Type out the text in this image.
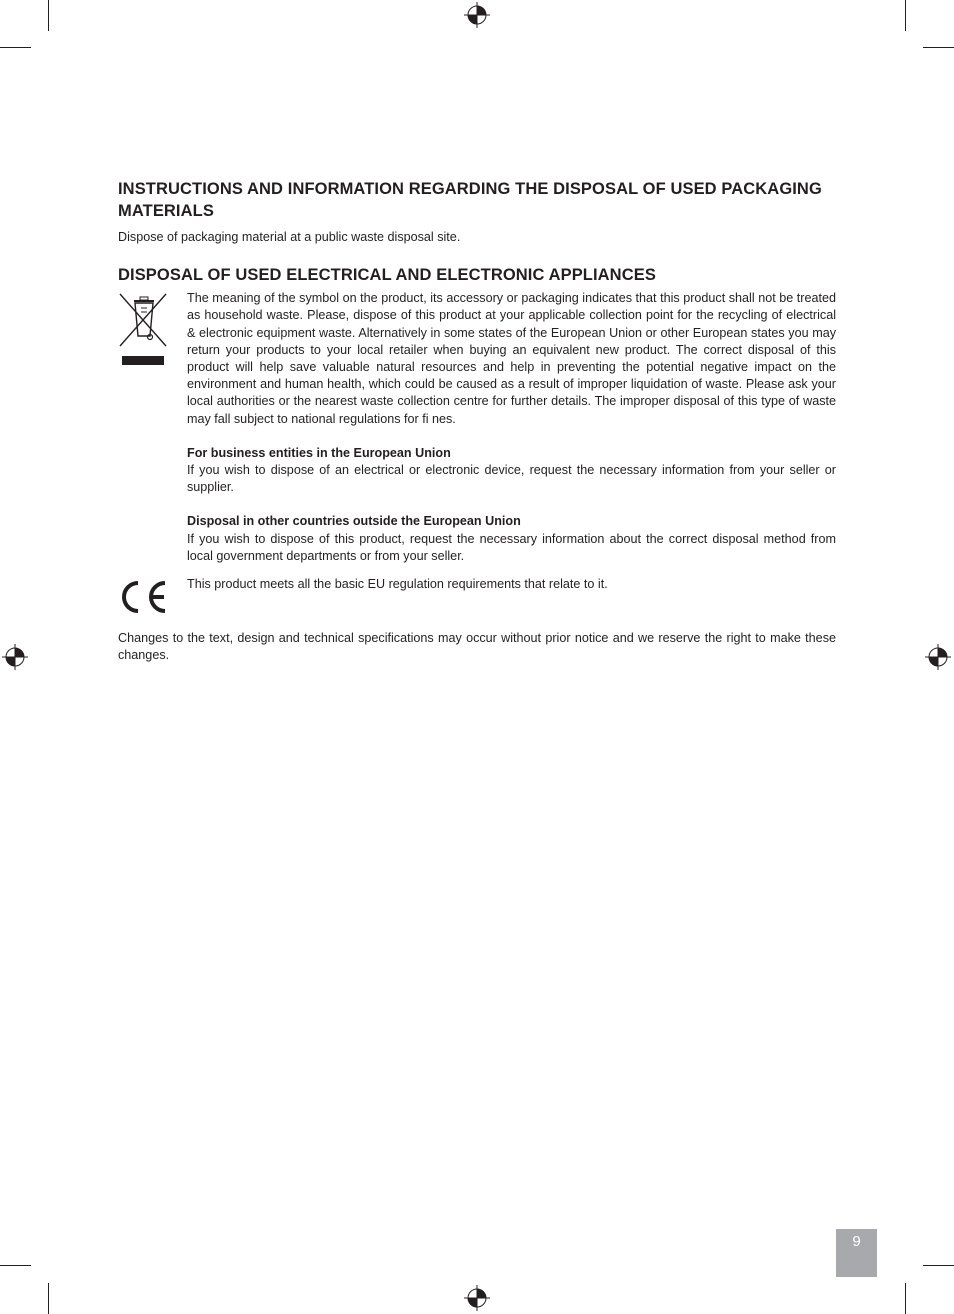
INSTRUCTIONS AND INFORMATION REGARDING THE DISPOSAL OF USED PACKAGING MATERIALS

Dispose of packaging material at a public waste disposal site.

DISPOSAL OF USED ELECTRICAL AND ELECTRONIC APPLIANCES

The meaning of the symbol on the product, its accessory or packaging indicates that this product shall not be treated as household waste. Please, dispose of this product at your applicable collection point for the recycling of electrical & electronic equipment waste. Alternatively in some states of the European Union or other European states you may return your products to your local retailer when buying an equivalent new product. The correct disposal of this product will help save valuable natural resources and help in preventing the potential negative impact on the environment and human health, which could be caused as a result of improper liquidation of waste. Please ask your local authorities or the nearest waste collection centre for further details. The improper disposal of this type of waste may fall subject to national regulations for ﬁ nes.

For business entities in the European Union

If you wish to dispose of an electrical or electronic device, request the necessary information from your seller or supplier.

Disposal in other countries outside the European Union

If you wish to dispose of this product, request the necessary information about the correct disposal method from local government departments or from your seller.

This product meets all the basic EU regulation requirements that relate to it.

Changes to the text, design and technical speciﬁcations may occur without prior notice and we reserve the right to make these changes.

9
